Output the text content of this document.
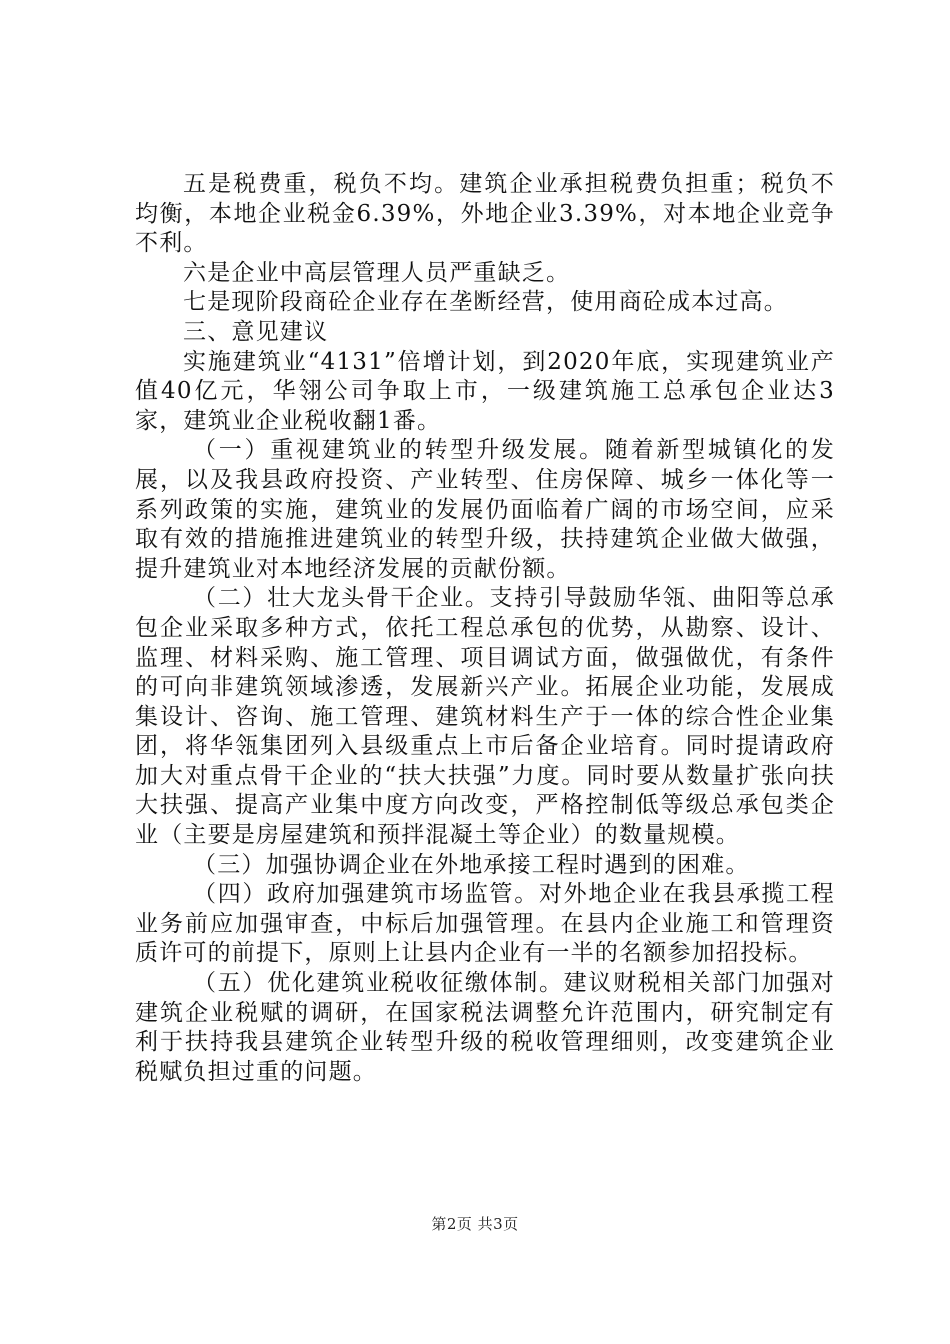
五是税费重，税负不均。建筑企业承担税费负担重；税负不均衡，本地企业税金6.39%，外地企业3.39%，对本地企业竞争不利。

六是企业中高层管理人员严重缺乏。

七是现阶段商砼企业存在垄断经营，使用商砼成本过高。

三、意见建议

实施建筑业“4131”倍增计划，到2020年底，实现建筑业产值40亿元，华翎公司争取上市，一级建筑施工总承包企业达3家，建筑业企业税收翻1番。

（一）重视建筑业的转型升级发展。随着新型城镇化的发展，以及我县政府投资、产业转型、住房保障、城乡一体化等一系列政策的实施，建筑业的发展仍面临着广阔的市场空间，应采取有效的措施推进建筑业的转型升级，扶持建筑企业做大做强，提升建筑业对本地经济发展的贡献份额。

（二）壮大龙头骨干企业。支持引导鼓励华瓴、曲阳等总承包企业采取多种方式，依托工程总承包的优势，从勘察、设计、监理、材料采购、施工管理、项目调试方面，做强做优，有条件的可向非建筑领域渗透，发展新兴产业。拓展企业功能，发展成集设计、咨询、施工管理、建筑材料生产于一体的综合性企业集团，将华瓴集团列入县级重点上市后备企业培育。同时提请政府加大对重点骨干企业的“扶大扶强”力度。同时要从数量扩张向扶大扶强、提高产业集中度方向改变，严格控制低等级总承包类企业（主要是房屋建筑和预拌混凝土等企业）的数量规模。

（三）加强协调企业在外地承接工程时遇到的困难。

（四）政府加强建筑市场监管。对外地企业在我县承揽工程业务前应加强审查，中标后加强管理。在县内企业施工和管理资质许可的前提下，原则上让县内企业有一半的名额参加招投标。

（五）优化建筑业税收征缴体制。建议财税相关部门加强对建筑企业税赋的调研，在国家税法调整允许范围内，研究制定有利于扶持我县建筑企业转型升级的税收管理细则，改变建筑企业税赋负担过重的问题。

第2页 共3页
